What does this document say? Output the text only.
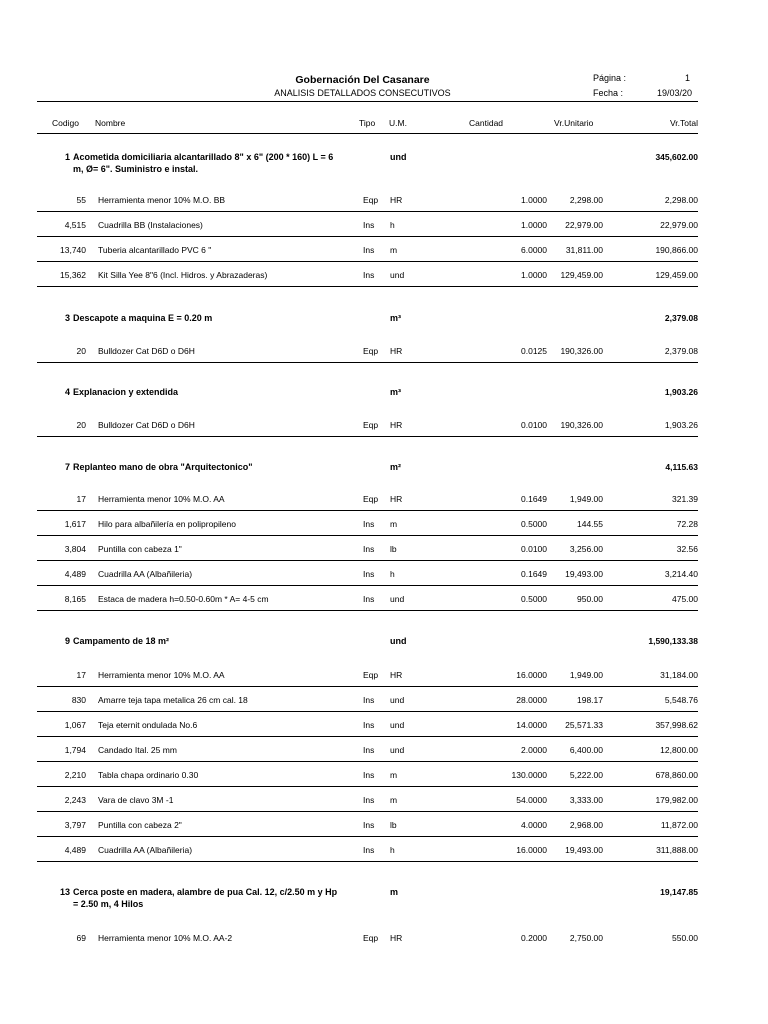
Gobernación Del Casanare
ANALISIS DETALLADOS CONSECUTIVOS
Página :	1
Fecha :	19/03/20
Codigo Nombre	Tipo U.M.	Cantidad	Vr.Unitario	Vr.Total
1 Acometida domiciliaria alcantarillado 8" x 6" (200 * 160) L = 6 m, Ø= 6". Suministro e instal.
und	345,602.00
55 Herramienta menor 10% M.O. BB	Eqp HR	1.0000	2,298.00	2,298.00
4,515 Cuadrilla BB (Instalaciones)	Ins h	1.0000 22,979.00	22,979.00
13,740 Tuberia alcantarillado PVC 6 "	Ins m	6.0000 31,811.00	190,866.00
15,362 Kit Silla Yee 8"6 (Incl. Hidros. y Abrazaderas)	Ins und	1.0000 129,459.00	129,459.00
3 Descapote a maquina E = 0.20 m	m³	2,379.08
20 Bulldozer Cat D6D o D6H	Eqp HR	0.0125 190,326.00	2,379.08
4 Explanacion y extendida	m³	1,903.26
20 Bulldozer Cat D6D o D6H	Eqp HR	0.0100 190,326.00	1,903.26
7 Replanteo mano de obra "Arquitectonico"	m²	4,115.63
17 Herramienta menor 10% M.O. AA	Eqp HR	0.1649	1,949.00	321.39
1,617 Hilo para albañilería en polipropileno	Ins m	0.5000	144.55	72.28
3,804 Puntilla con cabeza 1"	Ins lb	0.0100	3,256.00	32.56
4,489 Cuadrilla AA (Albañileria)	Ins h	0.1649 19,493.00	3,214.40
8,165 Estaca de madera h=0.50-0.60m * A= 4-5 cm	Ins und	0.5000	950.00	475.00
9 Campamento de 18 m²	und	1,590,133.38
17 Herramienta menor 10% M.O. AA	Eqp HR	16.0000	1,949.00	31,184.00
830 Amarre teja tapa metalica 26 cm cal. 18	Ins und	28.0000	198.17	5,548.76
1,067 Teja eternit ondulada No.6	Ins und	14.0000 25,571.33	357,998.62
1,794 Candado Ital. 25 mm	Ins und	2.0000	6,400.00	12,800.00
2,210 Tabla chapa ordinario 0.30	Ins m	130.0000	5,222.00	678,860.00
2,243 Vara de clavo 3M -1	Ins m	54.0000	3,333.00	179,982.00
3,797 Puntilla con cabeza 2"	Ins lb	4.0000	2,968.00	11,872.00
4,489 Cuadrilla AA (Albañileria)	Ins h	16.0000 19,493.00	311,888.00
13 Cerca poste en madera, alambre de pua Cal. 12, c/2.50 m y Hp = 2.50 m, 4 Hilos
m	19,147.85
69 Herramienta menor 10% M.O. AA-2	Eqp HR	0.2000	2,750.00	550.00
